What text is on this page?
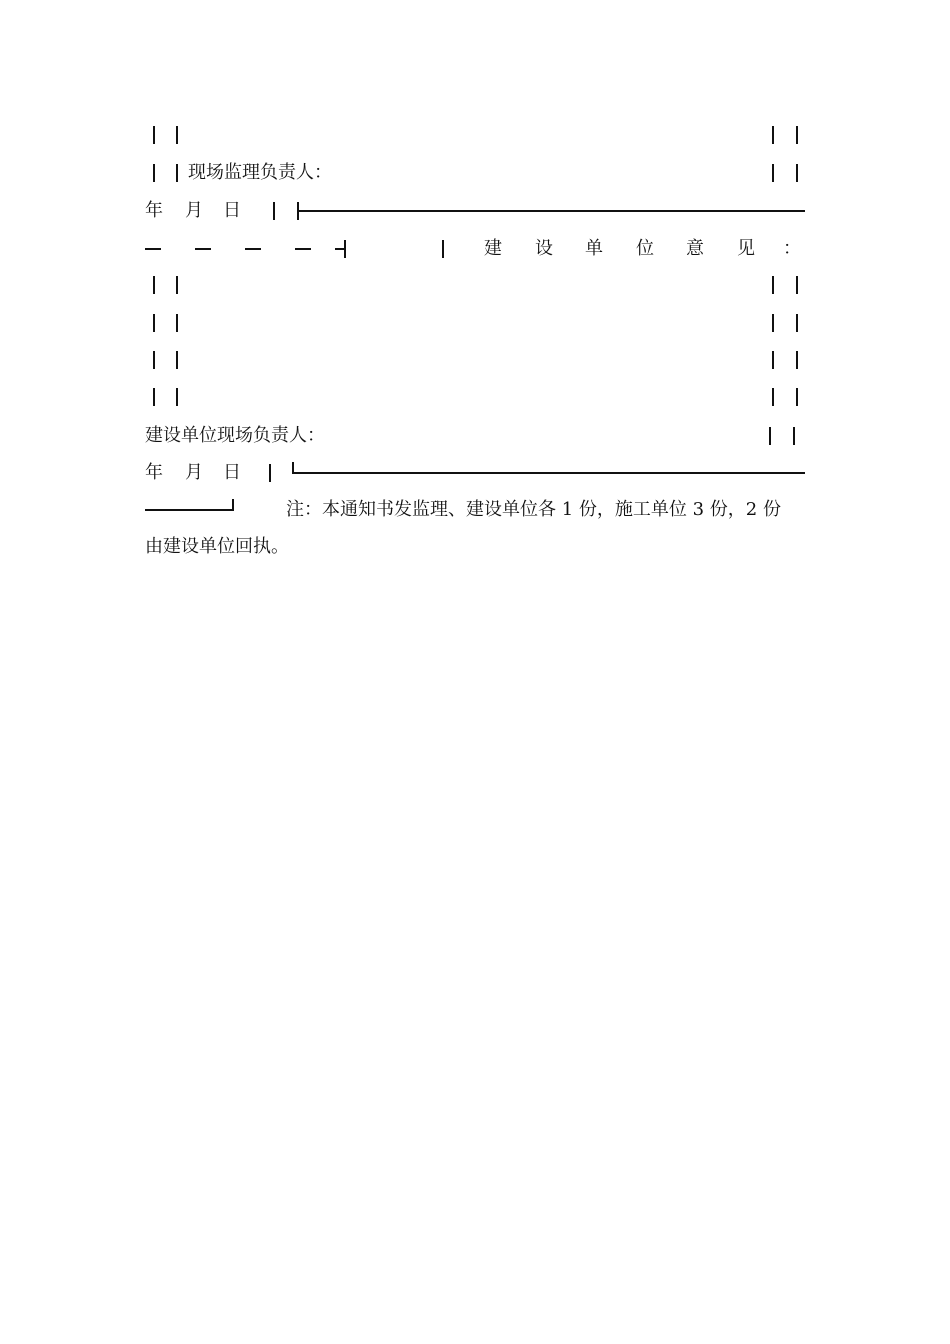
现场监理负责人：
年 月 日
建 设 单 位 意 见 ：
建设单位现场负责人：
年 月 日
注：本通知书发监理、建设单位各 1 份，施工单位 3 份，2 份
由建设单位回执。
